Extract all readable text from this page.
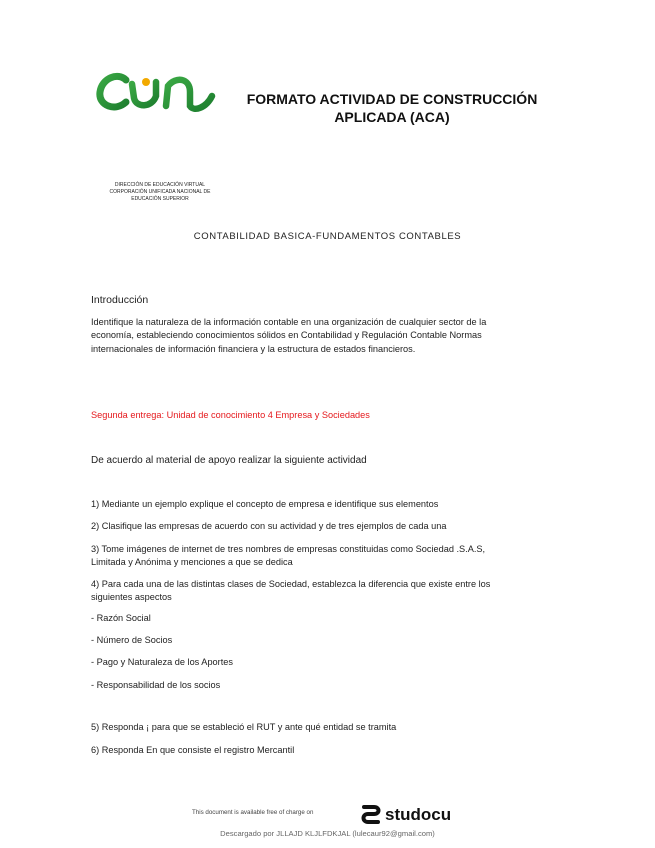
FORMATO ACTIVIDAD DE CONSTRUCCIÓN
APLICADA (ACA)
DIRECCIÓN DE EDUCACIÓN VIRTUAL
CORPORACIÓN UNIFICADA NACIONAL DE
EDUCACIÓN SUPERIOR
CONTABILIDAD BASICA-FUNDAMENTOS CONTABLES
Introducción
Identifique la naturaleza de la información contable en una organización de cualquier sector de la
economía, estableciendo conocimientos sólidos en Contabilidad y Regulación Contable Normas
internacionales de información financiera y la estructura de estados financieros.
Segunda entrega: Unidad de conocimiento 4 Empresa y Sociedades
De acuerdo al material de apoyo realizar la siguiente actividad
1) Mediante un ejemplo explique el concepto de empresa e identifique sus elementos
2) Clasifique las empresas de acuerdo con su actividad y de tres ejemplos de cada una
3) Tome imágenes de internet de tres nombres de empresas constituidas como Sociedad .S.A.S,
Limitada y Anónima y menciones a que se dedica
4) Para cada una de las distintas clases de Sociedad, establezca la diferencia que existe entre los
siguientes aspectos
- Razón Social
- Número de Socios
- Pago y Naturaleza de los Aportes
- Responsabilidad de los socios
5) Responda ¡ para que se estableció el RUT y ante qué entidad se tramita
6) Responda En que consiste el registro Mercantil
This document is available free of charge on	studocu
Descargado por JLLAJD KLJLFDKJAL (lulecaur92@gmail.com)
